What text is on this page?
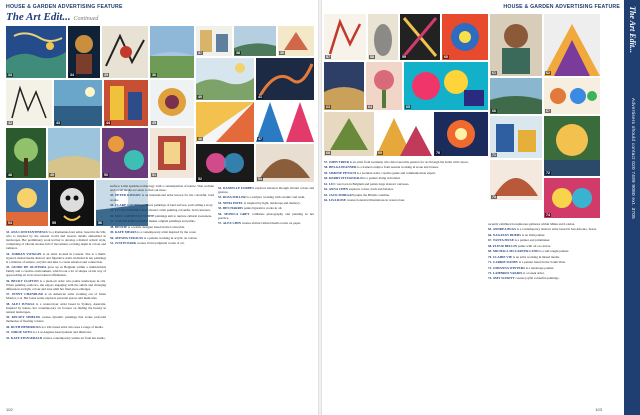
HOUSE & GARDEN ADVERTISING FEATURE
The Art Edit... Continued
33	34	35	36
37	38	39
40	41
42	43	44	45
46	47
48	49	50	51
52	53
54	55	56

33. ANA CONSTANTINESCU is a Romanian-born artist, based in the UK, who is inspired by the natural world and weaves details embedded in landscapes. Her preliminary work led her to develop a distinct artistic style, comprising of vibrant strokes full of movement, evoking depth in colour and radiance.

34. JORDAN SWIGGIN is an artist located in Canada. She is a multi-layered, mixed media abstract and figurative artist. Included in her paintings is a mixture of texture, acrylics and inks to create emotion and connection.

35. GUIDO DE OLIVEIRA grew up in Belgium within a multicultural family and a creative environment, which took a lot of shapes on his way of approaching art in its most natural affirmation.

36. BECKY CLIFTON is a plein-air artist who paints landscapes in oils. When painting outdoors, she enjoys engaging with the subtle and changing differences in light, colour and tone until her final piece emerges.

37. JENNY CHANDLER is an American artist working out of Santa Monica, CA. Her latest series explores personal spaces and memories.

38. ALEJ JUNGSA is a watercolour artist based in Sydney, Australia. Inspired by nature, her contemporary art focuses on finding the beauty in natural landscapes.

39. KELSEY SHIELDS creates dynamic paintings that evoke profound memories of fleeting colours.

40. RUTH HENDRICKS is a UK-based artist who uses a range of media.

41. JORGE SOTO is a Los Angeles-based painter and illustrator.

42. KATE FITZGERALD creates contemporary textile art from her studio.

surface. Little sparkles technology with a contemplation of nature. Visit website and social media accounts to find out more.

43. PETER KOSSOU is an international artist known for his colourful, bold works.

44. CLARE GOODIN produces paintings of land and sea, each telling a story.

45. LUCIA ZAMORA is an abstract artist painting colourful, bold canvases.

46. MAX LAWRENCE WHITE paintings aim to nurture cultural awareness.

47. JUDITH FERNANDEZ makes original paintings and prints.

48. BENZIE is a textile designer based in the Cotswolds.

49. KAYE MEARS is a contemporary artist inspired by the coast.

50. AYESHA STRAUSS is a painter working in acrylic on canvas.

51. JUSTIN PARK creates vivid sculptural works of art.

52. DANIELLE FORBES explores emotion through vibrant colour and gesture.

53. ROSA MILLER is a sculptor working with ceramic and resin.

54. NEHA PATEL is inspired by light, landscape and memory.

55. BEN HARRIS paints figurative works in oil.

56. MONICA GREY combines photography and painting in her practice.

57. ALEX CHIN creates abstract mixed media works on paper.

102
HOUSE & GARDEN ADVERTISING FEATURE
57	58	59	60
61	62
63	64	65
66	67
68	69	70	71
72
73
74

57. JOHN TRIER is an artist from Germany who discovered his passion for art through his battle with cancer.

58. HELGA PFANNER is a trained sculptor from Austria working in stone and bronze.

59. SIMONE PETSCH is a German artist, creative guide and communication expert.

60. KERRY FITZGERALD is a painter living in Ireland.

61. LUC was born in Belgium and paints large abstract canvases.

62. ANNA CHEN explores colour, form and balance.

63. JACK MORGAN paints the British coastline.

64. LISA ROSE creates botanical illustrations in watercolour.

recently exhibited in numerous galleries within Milan and London.

65. ANDREA BUGS is a contemporary abstract artist based in San Antonio, Texas.

66. NAGAYAN BIJERS is an Irish painter.

67. TANYA MUSE is a painter and printmaker.

68. FLEUR BELLIN paints with oil on canvas.

69. MICHALL MCCARVER LUND is a self-taught painter.

70. CLAIRE VIE is an artist working in mixed media.

71. CARRIE DANBY is a painter based in the South West.

72. JOHANNA WINTERS is a landscape painter.

73. LAMBROS VAKRIS is a Greek artist.

74. AMY SCHOTT creates joyful colourful paintings.

103
The Art Edit...
Advertisers should contact 020 7499 9080 ext. 3705
